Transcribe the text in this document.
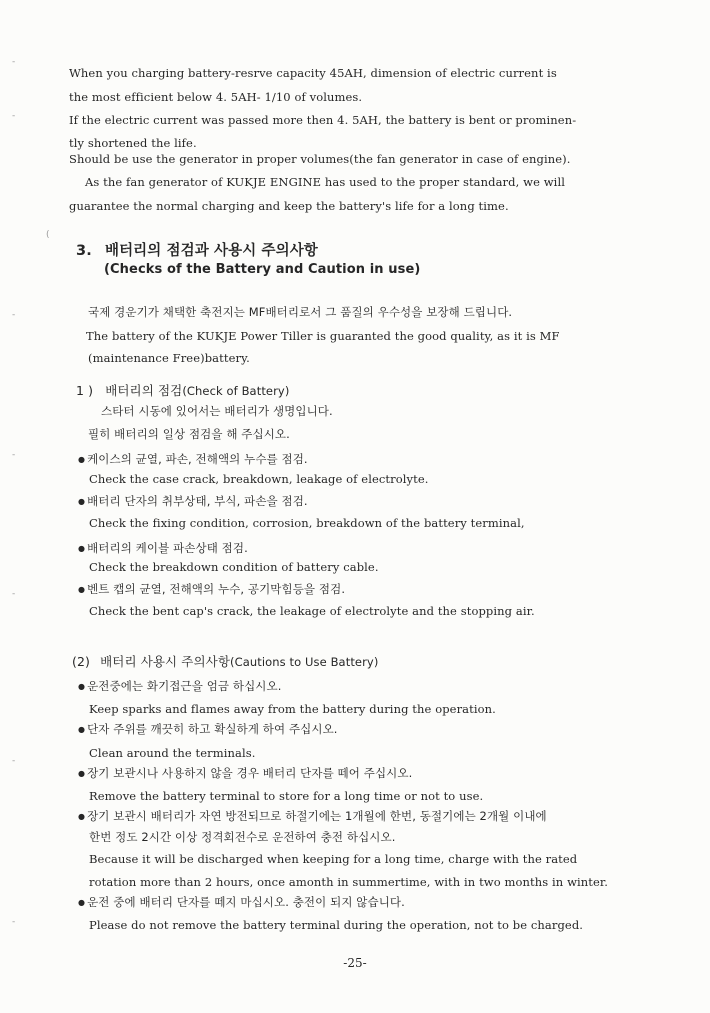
-
-
(
-
-
-
-
-
When you charging battery-resrve capacity 45AH, dimension of electric current is
the most efficient below 4. 5AH- 1/10 of volumes.
If the electric current was passed more then 4. 5AH, the battery is bent or prominen-
tly shortened the life.
Should be use the generator in proper volumes(the fan generator in case of engine).
As the fan generator of KUKJE ENGINE has used to the proper standard, we will
guarantee the normal charging and keep the battery's life for a long time.
3. 배터리의 점검과 사용시 주의사항
(Checks of the Battery and Caution in use)
국제 경운기가 채택한 축전지는 MF배터리로서 그 품질의 우수성을 보장해 드립니다.
The battery of the KUKJE Power Tiller is guaranted the good quality, as it is MF
(maintenance Free)battery.
1 ) 배터리의 점검(Check of Battery)
스타터 시동에 있어서는 배터리가 생명입니다.
필히 배터리의 일상 점검을 해 주십시오.
● 케이스의 균열, 파손, 전해액의 누수를 점검.
Check the case crack, breakdown, leakage of electrolyte.
● 배터리 단자의 취부상태, 부식, 파손을 점검.
Check the fixing condition, corrosion, breakdown of the battery terminal,
● 배터리의 케이블 파손상태 점검.
Check the breakdown condition of battery cable.
● 벤트 캡의 균열, 전해액의 누수, 공기막힘등을 점검.
Check the bent cap's crack, the leakage of electrolyte and the stopping air.
(2) 배터리 사용시 주의사항(Cautions to Use Battery)
● 운전중에는 화기접근을 엄금 하십시오.
Keep sparks and flames away from the battery during the operation.
● 단자 주위를 깨끗히 하고 확실하게 하여 주십시오.
Clean around the terminals.
● 장기 보관시나 사용하지 않을 경우 배터리 단자를 떼어 주십시오.
Remove the battery terminal to store for a long time or not to use.
● 장기 보관시 배터리가 자연 방전되므로 하절기에는 1개월에 한번, 동절기에는 2개월 이내에
한번 정도 2시간 이상 정격회전수로 운전하여 충전 하십시오.
Because it will be discharged when keeping for a long time, charge with the rated
rotation more than 2 hours, once amonth in summertime, with in two months in winter.
● 운전 중에 배터리 단자를 떼지 마십시오. 충전이 되지 않습니다.
Please do not remove the battery terminal during the operation, not to be charged.
-25-
